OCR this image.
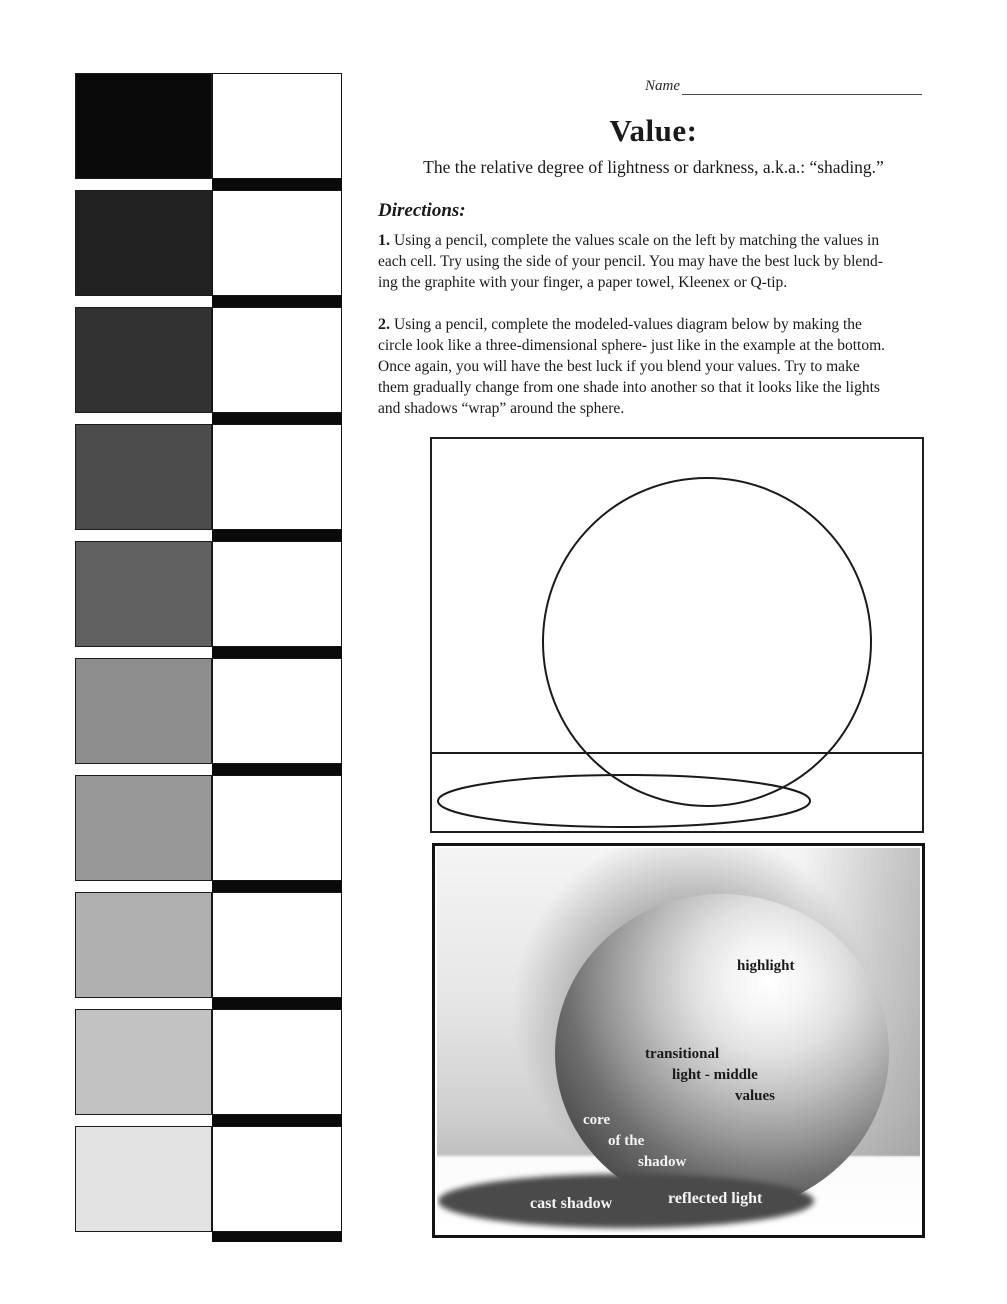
Name
Value:
The the relative degree of lightness or darkness, a.k.a.: “shading.”
Directions:
1. Using a pencil, complete the values scale on the left by matching the values in
each cell. Try using the side of your pencil. You may have the best luck by blend-
ing the graphite with your finger, a paper towel, Kleenex or Q-tip.
2. Using a pencil, complete the modeled-values diagram below by making the
circle look like a three-dimensional sphere- just like in the example at the bottom.
Once again, you will have the best luck if you blend your values. Try to make
them gradually change from one shade into another so that it looks like the lights
and shadows “wrap” around the sphere.
highlight
transitional
light - middle
values
core
of the
shadow
cast shadow	reflected light
